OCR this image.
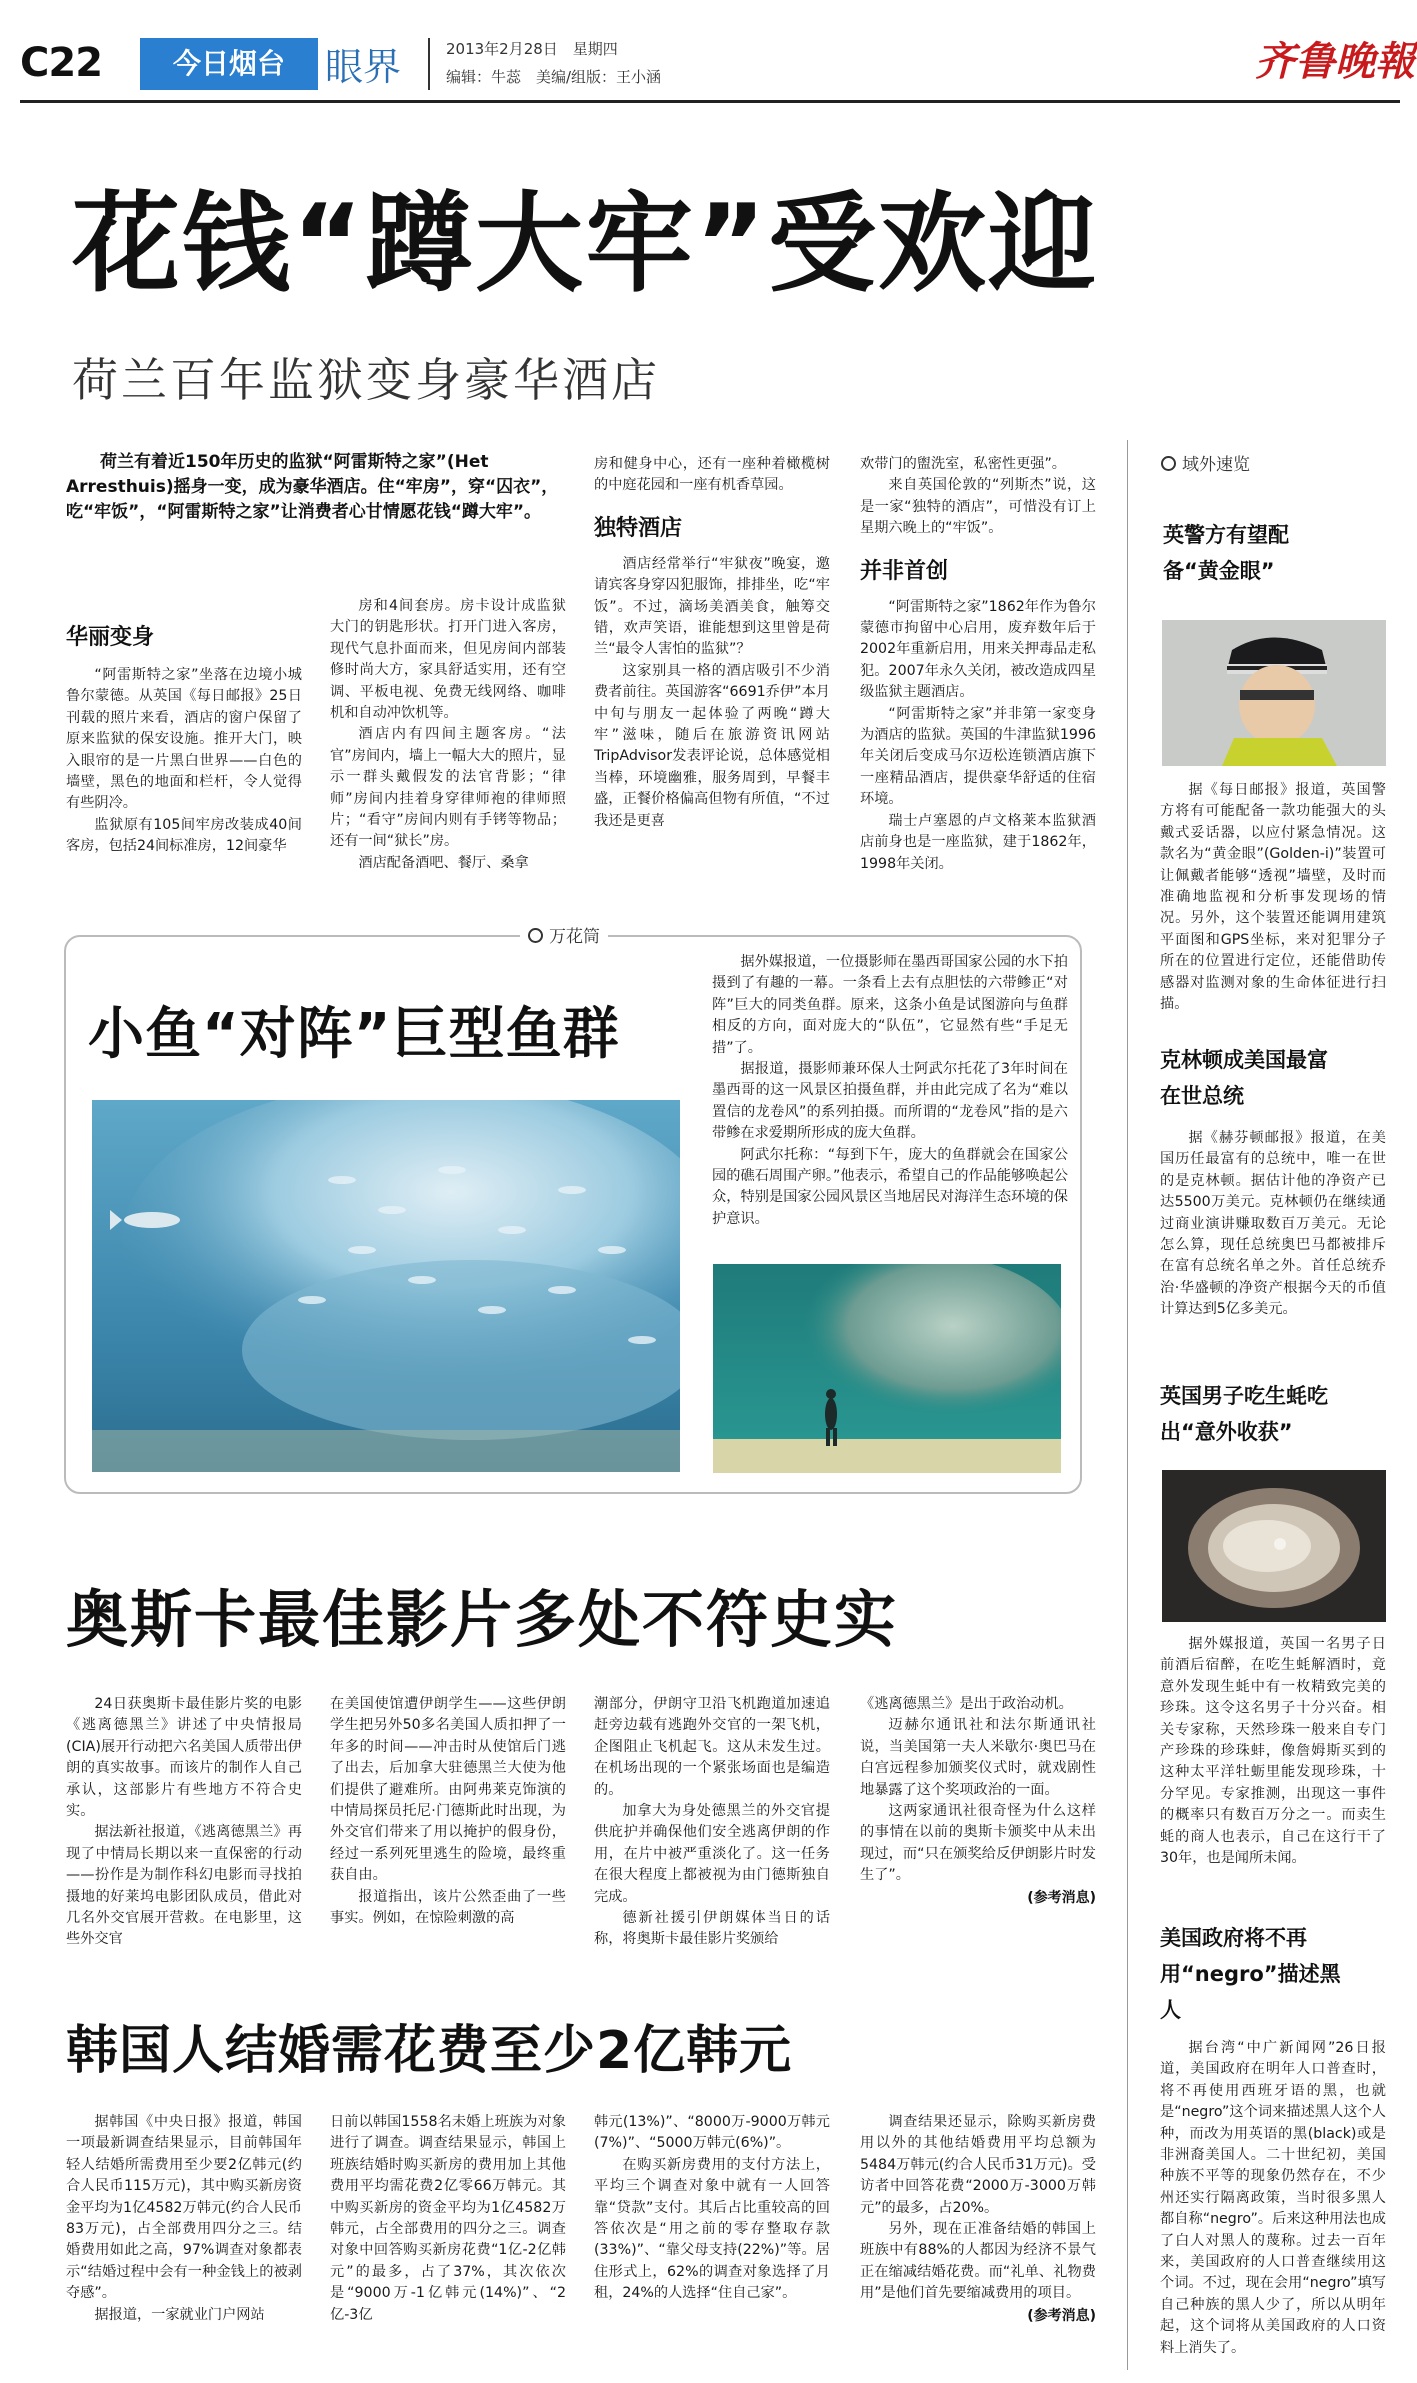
C22	今日烟台	眼界	2013年2月28日　星期四
编辑：牛蕊　美编/组版：王小涵	齐鲁晚報
花钱“蹲大牢”受欢迎
荷兰百年监狱变身豪华酒店
荷兰有着近150年历史的监狱“阿雷斯特之家”(Het Arresthuis)摇身一变，成为豪华酒店。住“牢房”，穿“囚衣”，吃“牢饭”，“阿雷斯特之家”让消费者心甘情愿花钱“蹲大牢”。
华丽变身
“阿雷斯特之家”坐落在边境小城鲁尔蒙德。从英国《每日邮报》25日刊载的照片来看，酒店的窗户保留了原来监狱的保安设施。推开大门，映入眼帘的是一片黑白世界——白色的墙壁，黑色的地面和栏杆，令人觉得有些阴冷。
监狱原有105间牢房改装成40间客房，包括24间标准房，12间豪华
房和4间套房。房卡设计成监狱大门的钥匙形状。打开门进入客房，现代气息扑面而来，但见房间内部装修时尚大方，家具舒适实用，还有空调、平板电视、免费无线网络、咖啡机和自动冲饮机等。
酒店内有四间主题客房。“法官”房间内，墙上一幅大大的照片，显示一群头戴假发的法官背影；“律师”房间内挂着身穿律师袍的律师照片；“看守”房间内则有手铐等物品；还有一间“狱长”房。
酒店配备酒吧、餐厅、桑拿
房和健身中心，还有一座种着橄榄树的中庭花园和一座有机香草园。
独特酒店
酒店经常举行“牢狱夜”晚宴，邀请宾客身穿囚犯服饰，排排坐，吃“牢饭”。不过，滴场美酒美食，触筹交错，欢声笑语，谁能想到这里曾是荷兰“最令人害怕的监狱”？
这家别具一格的酒店吸引不少消费者前往。英国游客“6691乔伊”本月中旬与朋友一起体验了两晚“蹲大牢”滋味，随后在旅游资讯网站TripAdvisor发表评论说，总体感觉相当棒，环境幽雅，服务周到，早餐丰盛，正餐价格偏高但物有所值，“不过我还是更喜
欢带门的盥洗室，私密性更强”。
来自英国伦敦的“列斯杰”说，这是一家“独特的酒店”，可惜没有订上星期六晚上的“牢饭”。
并非首创
“阿雷斯特之家”1862年作为鲁尔蒙德市拘留中心启用，废弃数年后于2002年重新启用，用来关押毒品走私犯。2007年永久关闭，被改造成四星级监狱主题酒店。
“阿雷斯特之家”并非第一家变身为酒店的监狱。英国的牛津监狱1996年关闭后变成马尔迈松连锁酒店旗下一座精品酒店，提供豪华舒适的住宿环境。
瑞士卢塞恩的卢文格莱本监狱酒店前身也是一座监狱，建于1862年，1998年关闭。
万花筒
小鱼“对阵”巨型鱼群
据外媒报道，一位摄影师在墨西哥国家公园的水下拍摄到了有趣的一幕。一条看上去有点胆怯的六带鲹正“对阵”巨大的同类鱼群。原来，这条小鱼是试图游向与鱼群相反的方向，面对庞大的“队伍”，它显然有些“手足无措”了。
据报道，摄影师兼环保人士阿武尔托花了3年时间在墨西哥的这一风景区拍摄鱼群，并由此完成了名为“难以置信的龙卷风”的系列拍摄。而所谓的“龙卷风”指的是六带鲹在求爱期所形成的庞大鱼群。
阿武尔托称：“每到下午，庞大的鱼群就会在国家公园的礁石周围产卵。”他表示，希望自己的作品能够唤起公众，特别是国家公园风景区当地居民对海洋生态环境的保护意识。
奥斯卡最佳影片多处不符史实
24日获奥斯卡最佳影片奖的电影《逃离德黑兰》讲述了中央情报局(CIA)展开行动把六名美国人质带出伊朗的真实故事。而该片的制作人自己承认，这部影片有些地方不符合史实。
据法新社报道，《逃离德黑兰》再现了中情局长期以来一直保密的行动——扮作是为制作科幻电影而寻找拍摄地的好莱坞电影团队成员，借此对几名外交官展开营救。在电影里，这些外交官
在美国使馆遭伊朗学生——这些伊朗学生把另外50多名美国人质扣押了一年多的时间——冲击时从使馆后门逃了出去，后加拿大驻德黑兰大使为他们提供了避难所。由阿弗莱克饰演的中情局探员托尼·门德斯此时出现，为外交官们带来了用以掩护的假身份，经过一系列死里逃生的险境，最终重获自由。
报道指出，该片公然歪曲了一些事实。例如，在惊险刺激的高
潮部分，伊朗守卫沿飞机跑道加速追赶旁边载有逃跑外交官的一架飞机，企图阻止飞机起飞。这从未发生过。在机场出现的一个紧张场面也是编造的。
加拿大为身处德黑兰的外交官提供庇护并确保他们安全逃离伊朗的作用，在片中被严重淡化了。这一任务在很大程度上都被视为由门德斯独自完成。
德新社援引伊朗媒体当日的话称，将奥斯卡最佳影片奖颁给
《逃离德黑兰》是出于政治动机。
迈赫尔通讯社和法尔斯通讯社说，当美国第一夫人米歇尔·奥巴马在白宫远程参加颁奖仪式时，就戏剧性地暴露了这个奖项政治的一面。
这两家通讯社很奇怪为什么这样的事情在以前的奥斯卡颁奖中从未出现过，而“只在颁奖给反伊朗影片时发生了”。
(参考消息)
韩国人结婚需花费至少2亿韩元
据韩国《中央日报》报道，韩国一项最新调查结果显示，目前韩国年轻人结婚所需费用至少要2亿韩元(约合人民币115万元)，其中购买新房资金平均为1亿4582万韩元(约合人民币83万元)，占全部费用四分之三。结婚费用如此之高，97%调查对象都表示“结婚过程中会有一种金钱上的被剥夺感”。
据报道，一家就业门户网站
日前以韩国1558名未婚上班族为对象进行了调查。调查结果显示，韩国上班族结婚时购买新房的费用加上其他费用平均需花费2亿零66万韩元。其中购买新房的资金平均为1亿4582万韩元，占全部费用的四分之三。调查对象中回答购买新房花费“1亿-2亿韩元”的最多，占了37%，其次依次是“9000万-1亿韩元(14%)”、“2亿-3亿
韩元(13%)”、“8000万-9000万韩元(7%)”、“5000万韩元(6%)”。
在购买新房费用的支付方法上，平均三个调查对象中就有一人回答靠“贷款”支付。其后占比重较高的回答依次是“用之前的零存整取存款(33%)”、“靠父母支持(22%)”等。居住形式上，62%的调查对象选择了月租，24%的人选择“住自己家”。
调查结果还显示，除购买新房费用以外的其他结婚费用平均总额为5484万韩元(约合人民币31万元)。受访者中回答花费“2000万-3000万韩元”的最多，占20%。
另外，现在正准备结婚的韩国上班族中有88%的人都因为经济不景气正在缩减结婚花费。而“礼单、礼物费用”是他们首先要缩减费用的项目。
(参考消息)
域外速览
英警方有望配备“黄金眼”
据《每日邮报》报道，英国警方将有可能配备一款功能强大的头戴式妥话器，以应付紧急情况。这款名为“黄金眼”(Golden-i)”装置可让佩戴者能够“透视”墙壁，及时而准确地监视和分析事发现场的情况。另外，这个装置还能调用建筑平面图和GPS坐标，来对犯罪分子所在的位置进行定位，还能借助传感器对监测对象的生命体征进行扫描。
克林顿成美国最富在世总统
据《赫芬顿邮报》报道，在美国历任最富有的总统中，唯一在世的是克林顿。据估计他的净资产已达5500万美元。克林顿仍在继续通过商业演讲赚取数百万美元。无论怎么算，现任总统奥巴马都被排斥在富有总统名单之外。首任总统乔治·华盛顿的净资产根据今天的币值计算达到5亿多美元。
英国男子吃生蚝吃出“意外收获”
据外媒报道，英国一名男子日前酒后宿醉，在吃生蚝解酒时，竟意外发现生蚝中有一枚精致完美的珍珠。这令这名男子十分兴奋。相关专家称，天然珍珠一般来自专门产珍珠的珍珠蚌，像詹姆斯买到的这种太平洋牡蛎里能发现珍珠，十分罕见。专家推测，出现这一事件的概率只有数百万分之一。而卖生蚝的商人也表示，自己在这行干了30年，也是闻所未闻。
美国政府将不再用“negro”描述黑人
据台湾“中广新闻网”26日报道，美国政府在明年人口普查时，将不再使用西班牙语的黑，也就是“negro”这个词来描述黑人这个人种，而改为用英语的黑(black)或是非洲裔美国人。二十世纪初，美国种族不平等的现象仍然存在，不少州还实行隔离政策，当时很多黑人都自称“negro”。后来这种用法也成了白人对黑人的蔑称。过去一百年来，美国政府的人口普查继续用这个词。不过，现在会用“negro”填写自己种族的黑人少了，所以从明年起，这个词将从美国政府的人口资料上消失了。
